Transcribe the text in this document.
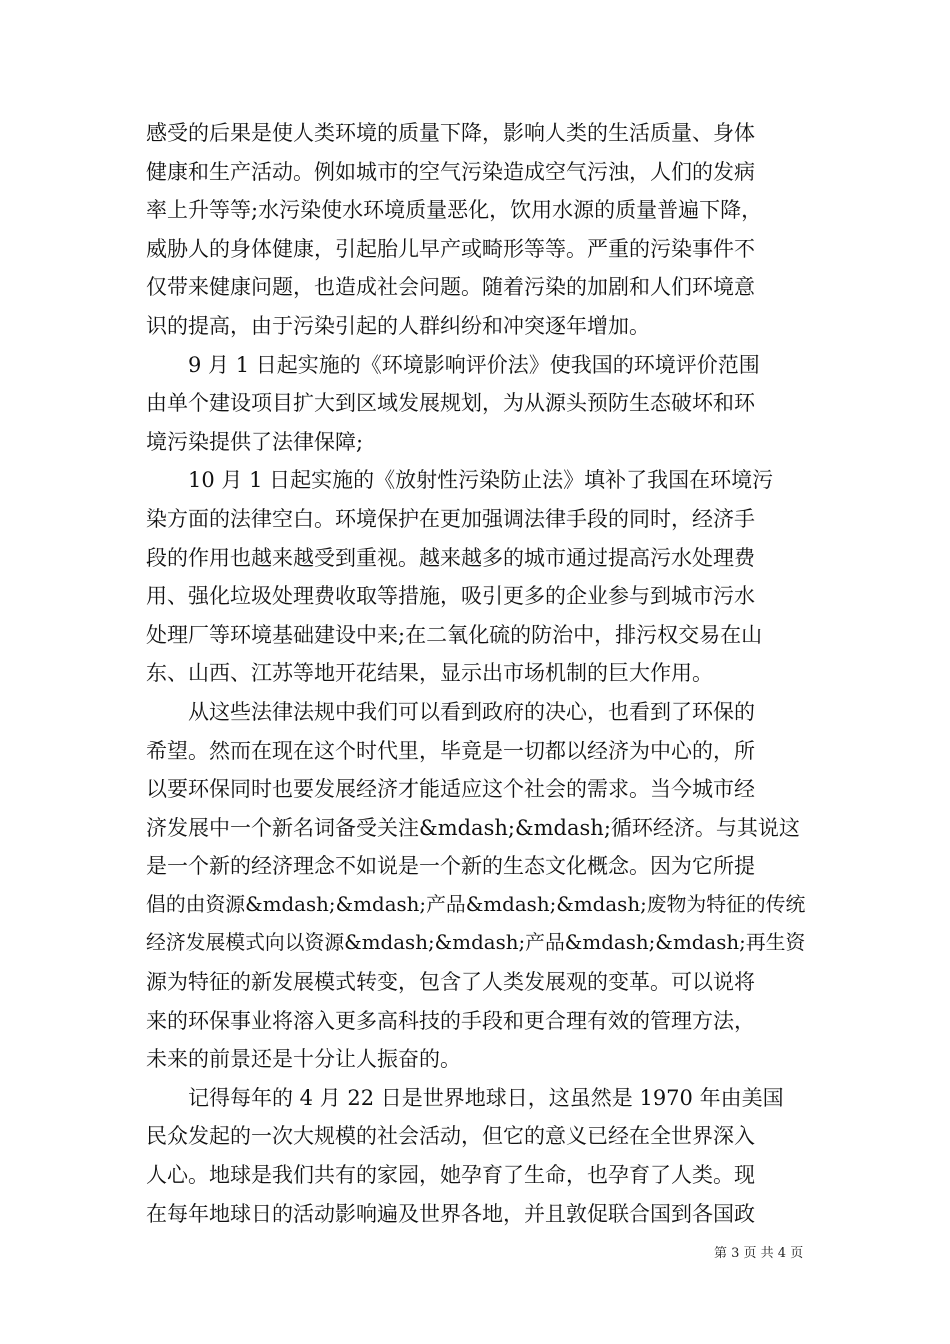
感受的后果是使人类环境的质量下降，影响人类的生活质量、身体
健康和生产活动。例如城市的空气污染造成空气污浊，人们的发病
率上升等等;水污染使水环境质量恶化，饮用水源的质量普遍下降，
威胁人的身体健康，引起胎儿早产或畸形等等。严重的污染事件不
仅带来健康问题，也造成社会问题。随着污染的加剧和人们环境意
识的提高，由于污染引起的人群纠纷和冲突逐年增加。
9 月 1 日起实施的《环境影响评价法》使我国的环境评价范围
由单个建设项目扩大到区域发展规划，为从源头预防生态破坏和环
境污染提供了法律保障;
10 月 1 日起实施的《放射性污染防止法》填补了我国在环境污
染方面的法律空白。环境保护在更加强调法律手段的同时，经济手
段的作用也越来越受到重视。越来越多的城市通过提高污水处理费
用、强化垃圾处理费收取等措施，吸引更多的企业参与到城市污水
处理厂等环境基础建设中来;在二氧化硫的防治中，排污权交易在山
东、山西、江苏等地开花结果，显示出市场机制的巨大作用。
从这些法律法规中我们可以看到政府的决心，也看到了环保的
希望。然而在现在这个时代里，毕竟是一切都以经济为中心的，所
以要环保同时也要发展经济才能适应这个社会的需求。当今城市经
济发展中一个新名词备受关注&mdash;&mdash;循环经济。与其说这
是一个新的经济理念不如说是一个新的生态文化概念。因为它所提
倡的由资源&mdash;&mdash;产品&mdash;&mdash;废物为特征的传统
经济发展模式向以资源&mdash;&mdash;产品&mdash;&mdash;再生资
源为特征的新发展模式转变，包含了人类发展观的变革。可以说将
来的环保事业将溶入更多高科技的手段和更合理有效的管理方法，
未来的前景还是十分让人振奋的。
记得每年的 4 月 22 日是世界地球日，这虽然是 1970 年由美国
民众发起的一次大规模的社会活动，但它的意义已经在全世界深入
人心。地球是我们共有的家园，她孕育了生命，也孕育了人类。现
在每年地球日的活动影响遍及世界各地，并且敦促联合国到各国政
第 3 页 共 4 页
